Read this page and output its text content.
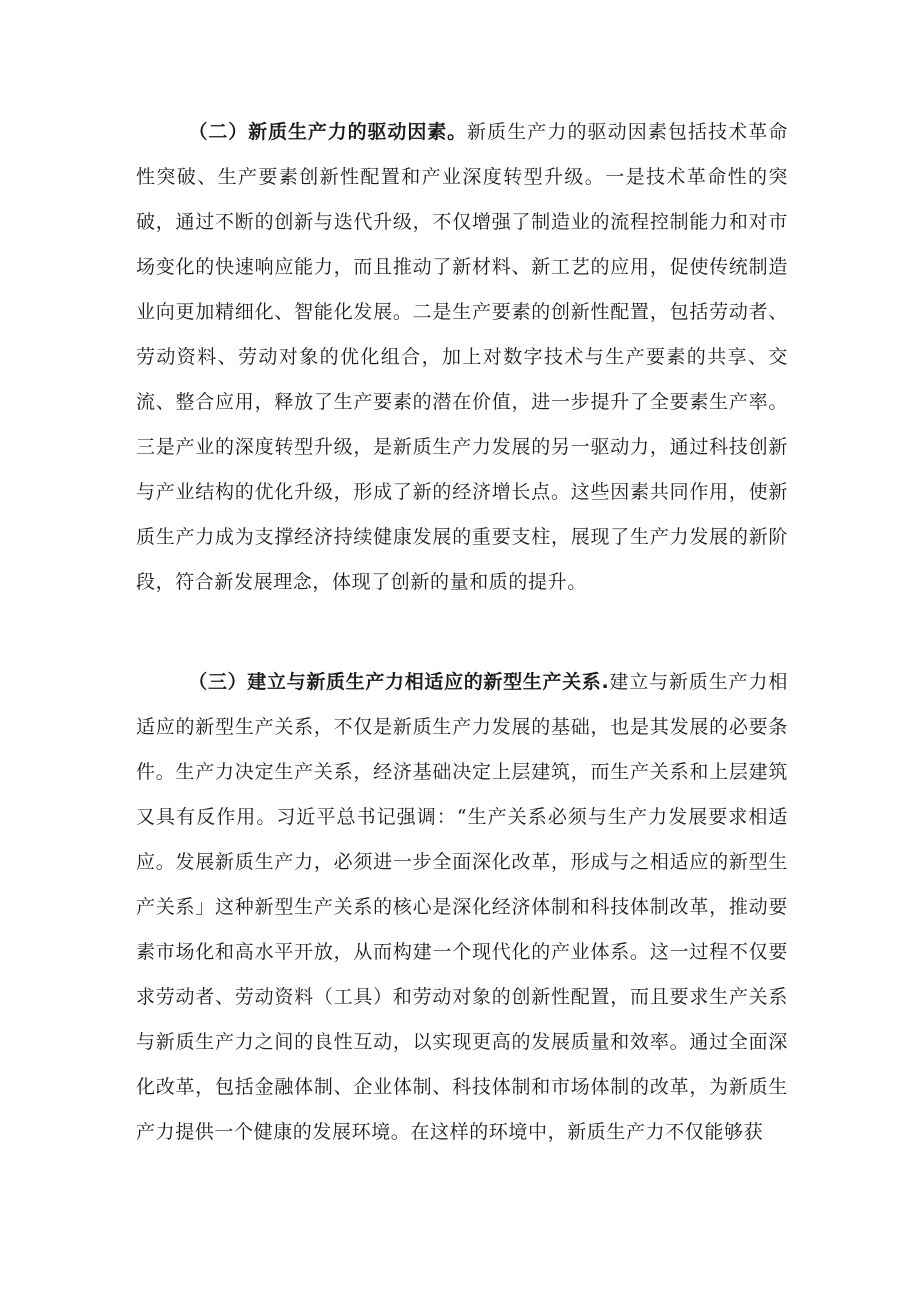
（二）新质生产力的驱动因素。新质生产力的驱动因素包括技术革命性突破、生产要素创新性配置和产业深度转型升级。一是技术革命性的突破，通过不断的创新与迭代升级，不仅增强了制造业的流程控制能力和对市场变化的快速响应能力，而且推动了新材料、新工艺的应用，促使传统制造业向更加精细化、智能化发展。二是生产要素的创新性配置，包括劳动者、劳动资料、劳动对象的优化组合，加上对数字技术与生产要素的共享、交流、整合应用，释放了生产要素的潜在价值，进一步提升了全要素生产率。三是产业的深度转型升级，是新质生产力发展的另一驱动力，通过科技创新与产业结构的优化升级，形成了新的经济增长点。这些因素共同作用，使新质生产力成为支撑经济持续健康发展的重要支柱，展现了生产力发展的新阶段，符合新发展理念，体现了创新的量和质的提升。

（三）建立与新质生产力相适应的新型生产关系.建立与新质生产力相适应的新型生产关系，不仅是新质生产力发展的基础，也是其发展的必要条件。生产力决定生产关系，经济基础决定上层建筑，而生产关系和上层建筑又具有反作用。习近平总书记强调：“生产关系必须与生产力发展要求相适应。发展新质生产力，必须进一步全面深化改革，形成与之相适应的新型生产关系」这种新型生产关系的核心是深化经济体制和科技体制改革，推动要素市场化和高水平开放，从而构建一个现代化的产业体系。这一过程不仅要求劳动者、劳动资料（工具）和劳动对象的创新性配置，而且要求生产关系与新质生产力之间的良性互动，以实现更高的发展质量和效率。通过全面深化改革，包括金融体制、企业体制、科技体制和市场体制的改革，为新质生产力提供一个健康的发展环境。在这样的环境中，新质生产力不仅能够获
